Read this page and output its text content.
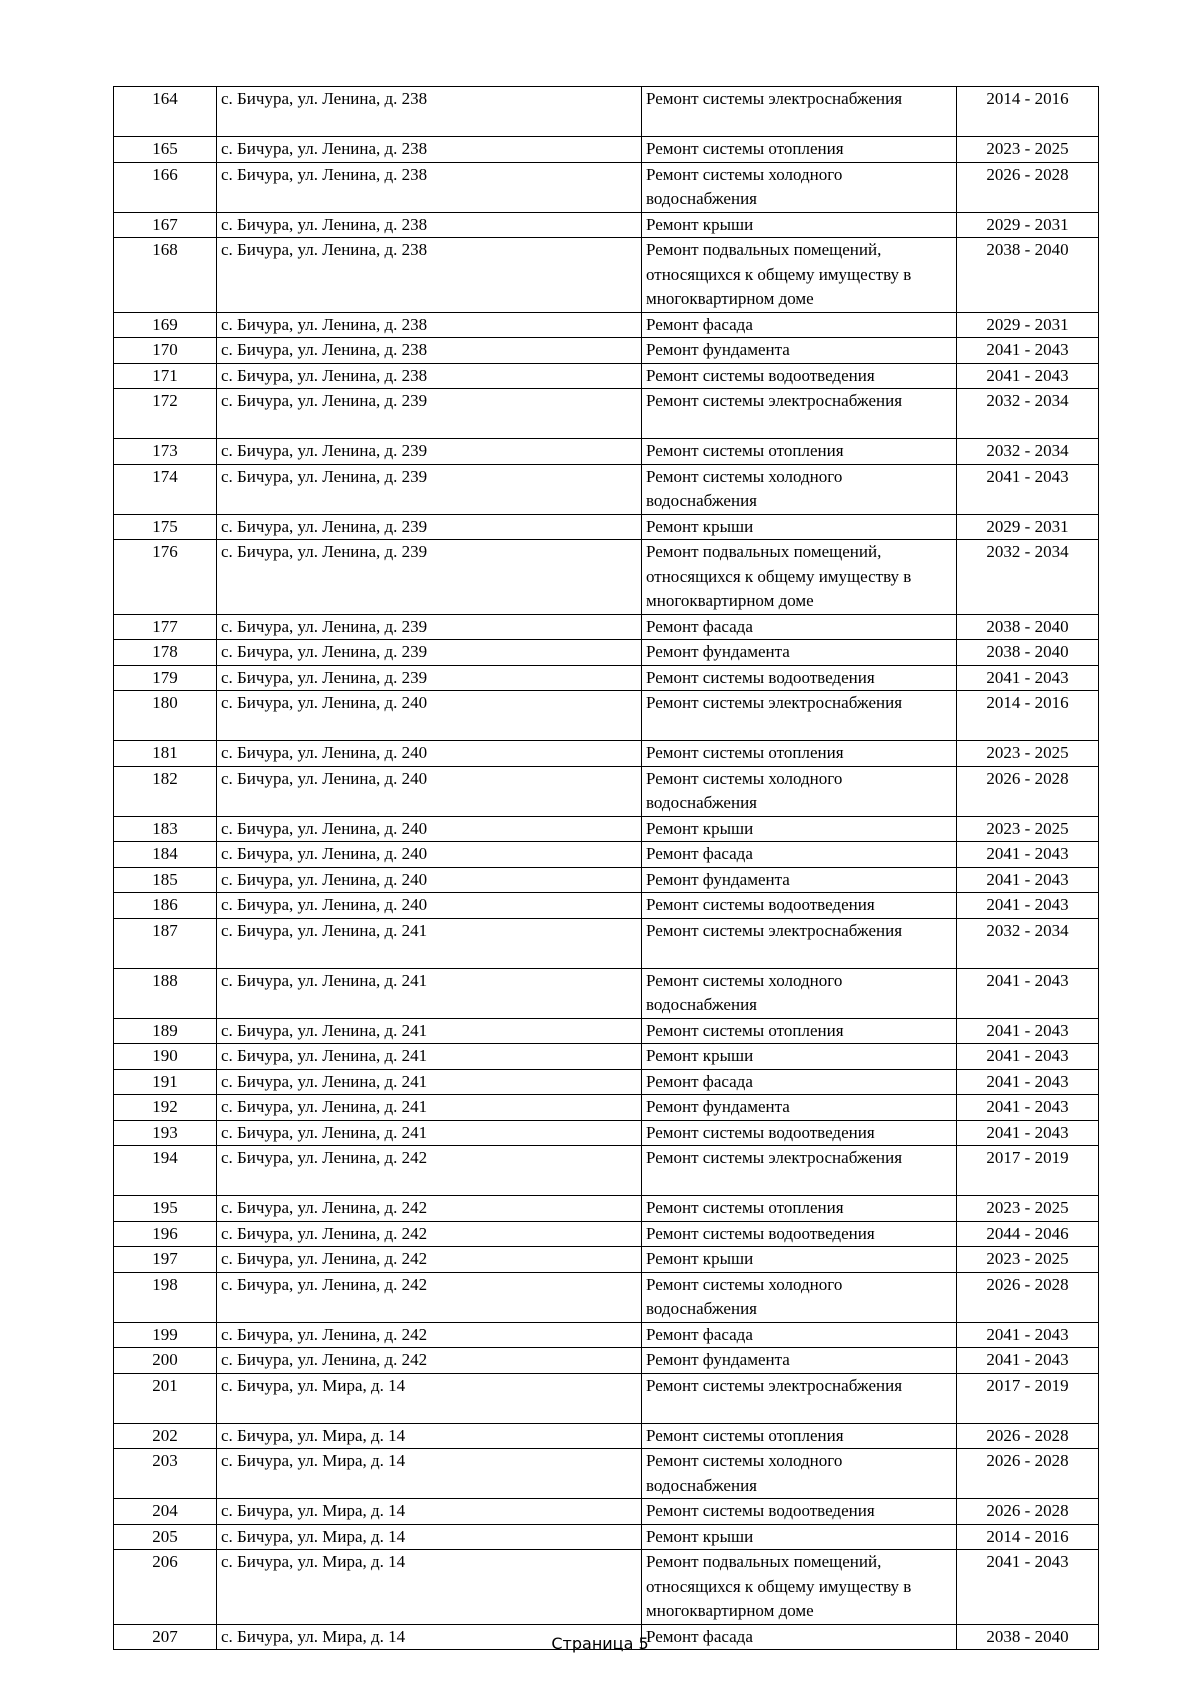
164	с. Бичура, ул. Ленина, д. 238	Ремонт системы электроснабжения	2014 - 2016
165	с. Бичура, ул. Ленина, д. 238	Ремонт системы отопления	2023 - 2025
166	с. Бичура, ул. Ленина, д. 238	Ремонт системы холодного водоснабжения	2026 - 2028
167	с. Бичура, ул. Ленина, д. 238	Ремонт крыши	2029 - 2031
168	с. Бичура, ул. Ленина, д. 238	Ремонт подвальных помещений, относящихся к общему имуществу в многоквартирном доме	2038 - 2040
169	с. Бичура, ул. Ленина, д. 238	Ремонт фасада	2029 - 2031
170	с. Бичура, ул. Ленина, д. 238	Ремонт фундамента	2041 - 2043
171	с. Бичура, ул. Ленина, д. 238	Ремонт системы водоотведения	2041 - 2043
172	с. Бичура, ул. Ленина, д. 239	Ремонт системы электроснабжения	2032 - 2034
173	с. Бичура, ул. Ленина, д. 239	Ремонт системы отопления	2032 - 2034
174	с. Бичура, ул. Ленина, д. 239	Ремонт системы холодного водоснабжения	2041 - 2043
175	с. Бичура, ул. Ленина, д. 239	Ремонт крыши	2029 - 2031
176	с. Бичура, ул. Ленина, д. 239	Ремонт подвальных помещений, относящихся к общему имуществу в многоквартирном доме	2032 - 2034
177	с. Бичура, ул. Ленина, д. 239	Ремонт фасада	2038 - 2040
178	с. Бичура, ул. Ленина, д. 239	Ремонт фундамента	2038 - 2040
179	с. Бичура, ул. Ленина, д. 239	Ремонт системы водоотведения	2041 - 2043
180	с. Бичура, ул. Ленина, д. 240	Ремонт системы электроснабжения	2014 - 2016
181	с. Бичура, ул. Ленина, д. 240	Ремонт системы отопления	2023 - 2025
182	с. Бичура, ул. Ленина, д. 240	Ремонт системы холодного водоснабжения	2026 - 2028
183	с. Бичура, ул. Ленина, д. 240	Ремонт крыши	2023 - 2025
184	с. Бичура, ул. Ленина, д. 240	Ремонт фасада	2041 - 2043
185	с. Бичура, ул. Ленина, д. 240	Ремонт фундамента	2041 - 2043
186	с. Бичура, ул. Ленина, д. 240	Ремонт системы водоотведения	2041 - 2043
187	с. Бичура, ул. Ленина, д. 241	Ремонт системы электроснабжения	2032 - 2034
188	с. Бичура, ул. Ленина, д. 241	Ремонт системы холодного водоснабжения	2041 - 2043
189	с. Бичура, ул. Ленина, д. 241	Ремонт системы отопления	2041 - 2043
190	с. Бичура, ул. Ленина, д. 241	Ремонт крыши	2041 - 2043
191	с. Бичура, ул. Ленина, д. 241	Ремонт фасада	2041 - 2043
192	с. Бичура, ул. Ленина, д. 241	Ремонт фундамента	2041 - 2043
193	с. Бичура, ул. Ленина, д. 241	Ремонт системы водоотведения	2041 - 2043
194	с. Бичура, ул. Ленина, д. 242	Ремонт системы электроснабжения	2017 - 2019
195	с. Бичура, ул. Ленина, д. 242	Ремонт системы отопления	2023 - 2025
196	с. Бичура, ул. Ленина, д. 242	Ремонт системы водоотведения	2044 - 2046
197	с. Бичура, ул. Ленина, д. 242	Ремонт крыши	2023 - 2025
198	с. Бичура, ул. Ленина, д. 242	Ремонт системы холодного водоснабжения	2026 - 2028
199	с. Бичура, ул. Ленина, д. 242	Ремонт фасада	2041 - 2043
200	с. Бичура, ул. Ленина, д. 242	Ремонт фундамента	2041 - 2043
201	с. Бичура, ул. Мира, д. 14	Ремонт системы электроснабжения	2017 - 2019
202	с. Бичура, ул. Мира, д. 14	Ремонт системы отопления	2026 - 2028
203	с. Бичура, ул. Мира, д. 14	Ремонт системы холодного водоснабжения	2026 - 2028
204	с. Бичура, ул. Мира, д. 14	Ремонт системы водоотведения	2026 - 2028
205	с. Бичура, ул. Мира, д. 14	Ремонт крыши	2014 - 2016
206	с. Бичура, ул. Мира, д. 14	Ремонт подвальных помещений, относящихся к общему имуществу в многоквартирном доме	2041 - 2043
207	с. Бичура, ул. Мира, д. 14	Ремонт фасада	2038 - 2040
Страница 5
